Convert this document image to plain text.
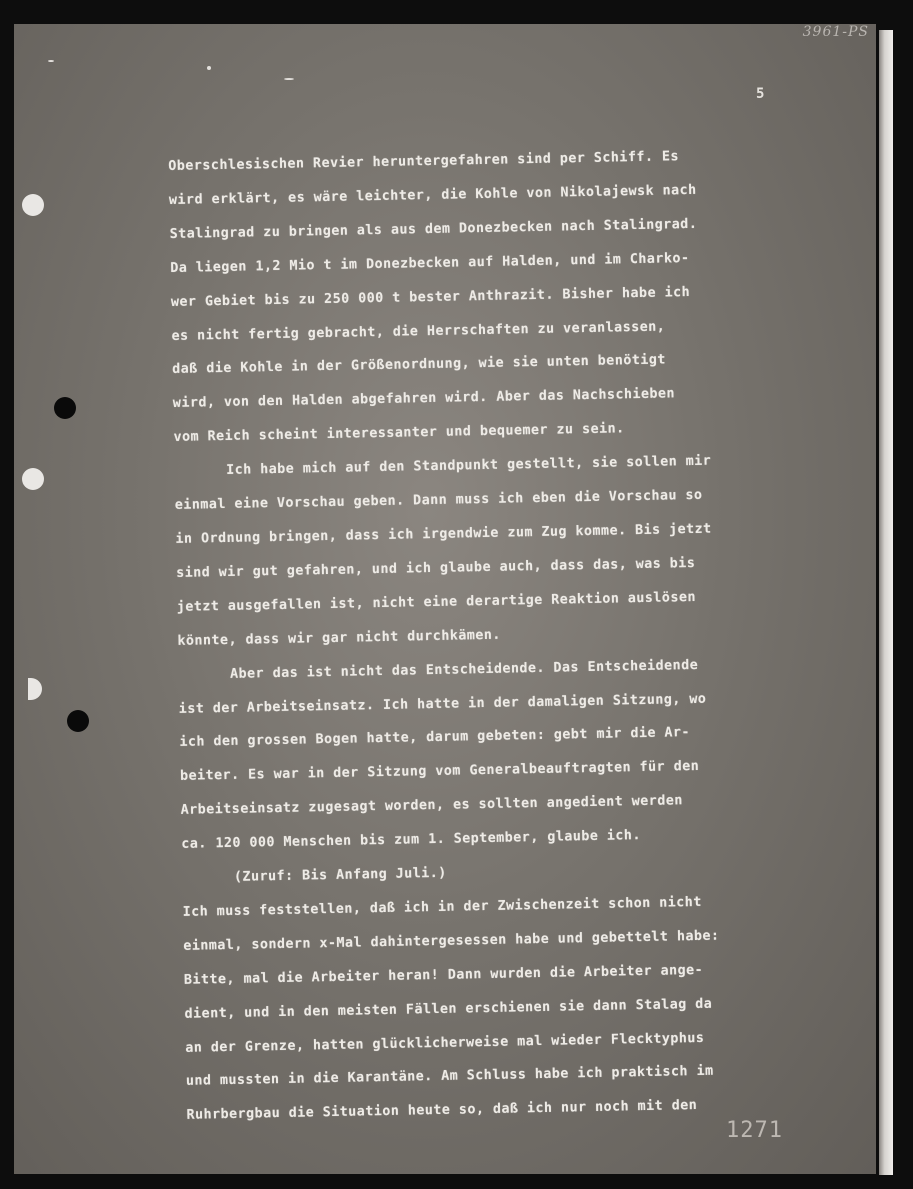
5
Oberschlesischen Revier heruntergefahren sind per Schiff. Es
wird erklärt, es wäre leichter, die Kohle von Nikolajewsk nach
Stalingrad zu bringen als aus dem Donezbecken nach Stalingrad.
Da liegen 1,2 Mio t im Donezbecken auf Halden, und im Charko-
wer Gebiet bis zu 250 000 t bester Anthrazit. Bisher habe ich
es nicht fertig gebracht, die Herrschaften zu veranlassen,
daß die Kohle in der Größenordnung, wie sie unten benötigt
wird, von den Halden abgefahren wird. Aber das Nachschieben
vom Reich scheint interessanter und bequemer zu sein.
Ich habe mich auf den Standpunkt gestellt, sie sollen mir
einmal eine Vorschau geben. Dann muss ich eben die Vorschau so
in Ordnung bringen, dass ich irgendwie zum Zug komme. Bis jetzt
sind wir gut gefahren, und ich glaube auch, dass das, was bis
jetzt ausgefallen ist, nicht eine derartige Reaktion auslösen
könnte, dass wir gar nicht durchkämen.
Aber das ist nicht das Entscheidende. Das Entscheidende
ist der Arbeitseinsatz. Ich hatte in der damaligen Sitzung, wo
ich den grossen Bogen hatte, darum gebeten: gebt mir die Ar-
beiter. Es war in der Sitzung vom Generalbeauftragten für den
Arbeitseinsatz zugesagt worden, es sollten angedient werden
ca. 120 000 Menschen bis zum 1. September, glaube ich.
(Zuruf: Bis Anfang Juli.)
Ich muss feststellen, daß ich in der Zwischenzeit schon nicht
einmal, sondern x-Mal dahintergesessen habe und gebettelt habe:
Bitte, mal die Arbeiter heran! Dann wurden die Arbeiter ange-
dient, und in den meisten Fällen erschienen sie dann Stalag da
an der Grenze, hatten glücklicherweise mal wieder Flecktyphus
und mussten in die Karantäne. Am Schluss habe ich praktisch im
Ruhrbergbau die Situation heute so, daß ich nur noch mit den
1271
3961-PS
